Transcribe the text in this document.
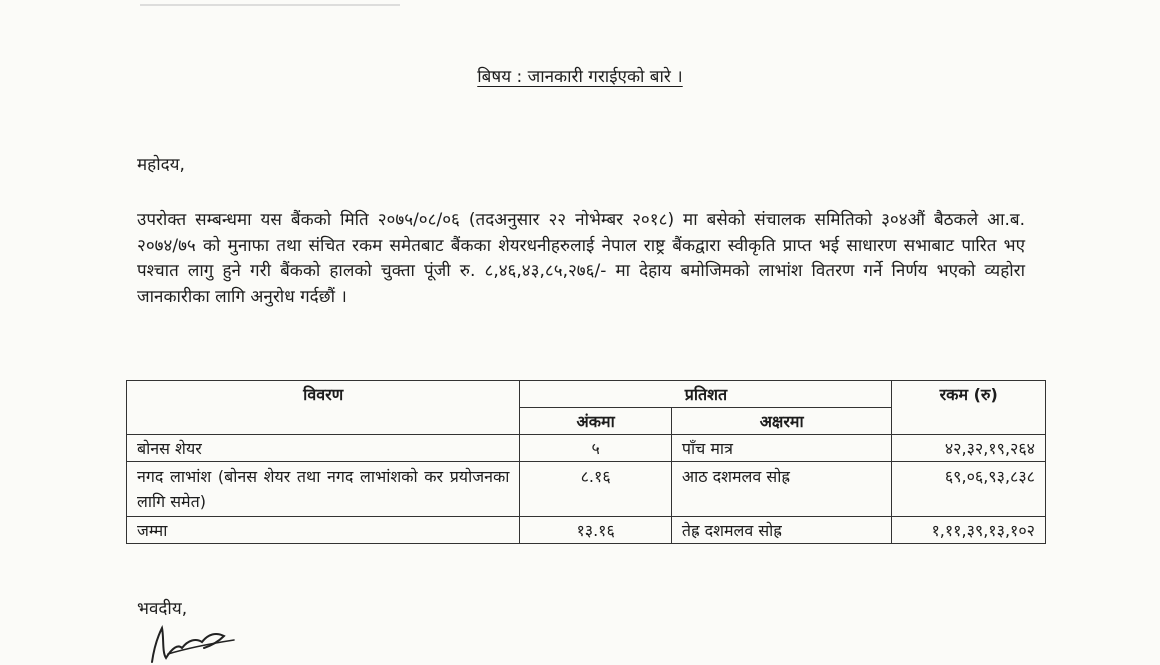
बिषय : जानकारी गराईएको बारे ।
महोदय,
उपरोक्त सम्बन्धमा यस बैंकको मिति २०७५/०८/०६ (तदअनुसार २२ नोभेम्बर २०१८) मा बसेको संचालक समितिको ३०४औं बैठकले आ.ब. २०७४/७५ को मुनाफा तथा संचित रकम समेतबाट बैंकका शेयरधनीहरुलाई नेपाल राष्ट्र बैंकद्वारा स्वीकृति प्राप्त भई साधारण सभाबाट पारित भए पश्चात लागु हुने गरी बैंकको हालको चुक्ता पूंजी रु. ८,४६,४३,८५,२७६/- मा देहाय बमोजिमको लाभांश वितरण गर्ने निर्णय भएको व्यहोरा जानकारीका लागि अनुरोध गर्दछौं ।
विवरण	प्रतिशत		रकम (रु)
	अंकमा	अक्षरमा	
बोनस शेयर	५	पाँच मात्र	४२,३२,१९,२६४
नगद लाभांश (बोनस शेयर तथा नगद लाभांशको कर प्रयोजनका लागि समेत)	८.१६	आठ दशमलव सोह्र	६९,०६,९३,८३८
जम्मा	१३.१६	तेह्र दशमलव सोह्र	१,११,३९,१३,१०२
भवदीय,
